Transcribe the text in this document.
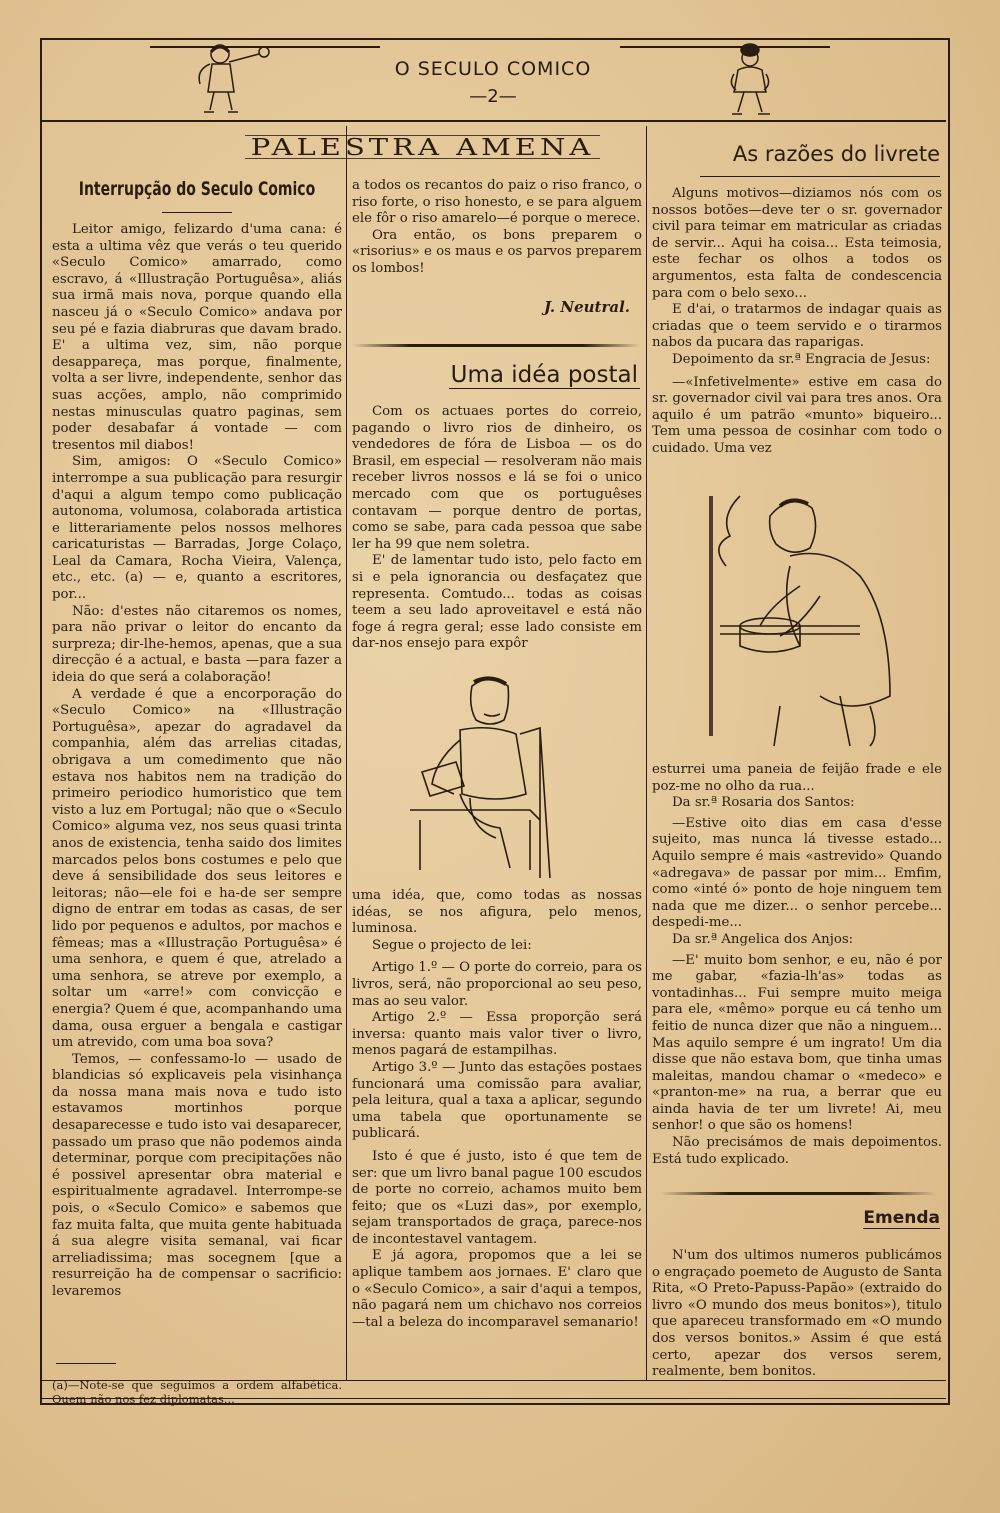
O SECULO COMICO
—2—
PALESTRA AMENA
Interrupção do Seculo Comico

Leitor amigo, felizardo d'uma cana: é esta a ultima vêz que verás o teu querido «Seculo Comico» amarrado, como escravo, á «Illustração Portuguêsa», aliás sua irmã mais nova, porque quando ella nasceu já o «Seculo Comico» andava por seu pé e fazia diabruras que davam brado. E' a ultima vez, sim, não porque desappareça, mas porque, finalmente, volta a ser livre, independente, senhor das suas acções, amplo, não comprimido nestas minusculas quatro paginas, sem poder desabafar á vontade — com tresentos mil diabos!

Sim, amigos: O «Seculo Comico» interrompe a sua publicação para resurgir d'aqui a algum tempo como publicação autonoma, volumosa, colaborada artistica e litterariamente pelos nossos melhores caricaturistas — Barradas, Jorge Colaço, Leal da Camara, Rocha Vieira, Valença, etc., etc. (a) — e, quanto a escritores, por...

Não: d'estes não citaremos os nomes, para não privar o leitor do encanto da surpreza; dir-lhe-hemos, apenas, que a sua direcção é a actual, e basta —para fazer a ideia do que será a colaboração!

A verdade é que a encorporação do «Seculo Comico» na «Illustração Portuguêsa», apezar do agradavel da companhia, além das arrelias citadas, obrigava a um comedimento que não estava nos habitos nem na tradição do primeiro periodico humoristico que tem visto a luz em Portugal; não que o «Seculo Comico» alguma vez, nos seus quasi trinta anos de existencia, tenha saido dos limites marcados pelos bons costumes e pelo que deve á sensibilidade dos seus leitores e leitoras; não—ele foi e ha-de ser sempre digno de entrar em todas as casas, de ser lido por pequenos e adultos, por machos e fêmeas; mas a «Illustração Portuguêsa» é uma senhora, e quem é que, atrelado a uma senhora, se atreve por exemplo, a soltar um «arre!» com convicção e energia? Quem é que, acompanhando uma dama, ousa erguer a bengala e castigar um atrevido, com uma boa sova?

Temos, — confessamo-lo — usado de blandicias só explicaveis pela visinhança da nossa mana mais nova e tudo isto estavamos mortinhos porque desaparecesse e tudo isto vai desaparecer, passado um praso que não podemos ainda determinar, porque com precipitações não é possivel apresentar obra material e espiritualmente agradavel. Interrompe-se pois, o «Seculo Comico» e sabemos que faz muita falta, que muita gente habituada á sua alegre visita semanal, vai ficar arreliadissima; mas socegnem [que a resurreição ha de compensar o sacrificio: levaremos

(a)—Note-se que seguimos a ordem alfabética. Quem não nos fez diplomatas...

a todos os recantos do paiz o riso franco, o riso forte, o riso honesto, e se para alguem ele fôr o riso amarelo—é porque o merece.

Ora então, os bons preparem o «risorius» e os maus e os parvos preparem os lombos!

J. Neutral.
Uma idéa postal

Com os actuaes portes do correio, pagando o livro rios de dinheiro, os vendedores de fóra de Lisboa — os do Brasil, em especial — resolveram não mais receber livros nossos e lá se foi o unico mercado com que os portuguêses contavam — porque dentro de portas, como se sabe, para cada pessoa que sabe ler ha 99 que nem soletra.

E' de lamentar tudo isto, pelo facto em si e pela ignorancia ou desfaçatez que representa. Comtudo... todas as coisas teem a seu lado aproveitavel e está não foge á regra geral; esse lado consiste em dar-nos ensejo para expôr

uma idéa, que, como todas as nossas idéas, se nos afigura, pelo menos, luminosa.

Segue o projecto de lei:

Artigo 1.º — O porte do correio, para os livros, será, não proporcional ao seu peso, mas ao seu valor.

Artigo 2.º — Essa proporção será inversa: quanto mais valor tiver o livro, menos pagará de estampilhas.

Artigo 3.º — Junto das estações postaes funcionará uma comissão para avaliar, pela leitura, qual a taxa a aplicar, segundo uma tabela que oportunamente se publicará.

Isto é que é justo, isto é que tem de ser: que um livro banal pague 100 escudos de porte no correio, achamos muito bem feito; que os «Luzi das», por exemplo, sejam transportados de graça, parece-nos de incontestavel vantagem.

E já agora, propomos que a lei se aplique tambem aos jornaes. E' claro que o «Seculo Comico», a sair d'aqui a tempos, não pagará nem um chichavo nos correios—tal a beleza do incomparavel semanario!

As razões do livrete

Alguns motivos—diziamos nós com os nossos botões—deve ter o sr. governador civil para teimar em matricular as criadas de servir... Aqui ha coisa... Esta teimosia, este fechar os olhos a todos os argumentos, esta falta de condescencia para com o belo sexo...

E d'ai, o tratarmos de indagar quais as criadas que o teem servido e o tirarmos nabos da pucara das raparigas.

Depoimento da sr.ª Engracia de Jesus:

—«Infetivelmente» estive em casa do sr. governador civil vai para tres anos. Ora aquilo é um patrão «munto» biqueiro... Tem uma pessoa de cosinhar com todo o cuidado. Uma vez

esturrei uma paneia de feijão frade e ele poz-me no olho da rua...

Da sr.ª Rosaria dos Santos:

—Estive oito dias em casa d'esse sujeito, mas nunca lá tivesse estado... Aquilo sempre é mais «astrevido» Quando «adregava» de passar por mim... Emfim, como «inté ó» ponto de hoje ninguem tem nada que me dizer... o senhor percebe... despedi-me...

Da sr.ª Angelica dos Anjos:

—E' muito bom senhor, e eu, não é por me gabar, «fazia-lh'as» todas as vontadinhas... Fui sempre muito meiga para ele, «mêmo» porque eu cá tenho um feitio de nunca dizer que não a ninguem... Mas aquilo sempre é um ingrato! Um dia disse que não estava bom, que tinha umas maleitas, mandou chamar o «medeco» e «pranton-me» na rua, a berrar que eu ainda havia de ter um livrete! Ai, meu senhor! o que são os homens!

Não precisámos de mais depoimentos. Está tudo explicado.

Emenda

N'um dos ultimos numeros publicámos o engraçado poemeto de Augusto de Santa Rita, «O Preto-Papuss-Papão» (extraido do livro «O mundo dos meus bonitos»), titulo que apareceu transformado em «O mundo dos versos bonitos.» Assim é que está certo, apezar dos versos serem, realmente, bem bonitos.
